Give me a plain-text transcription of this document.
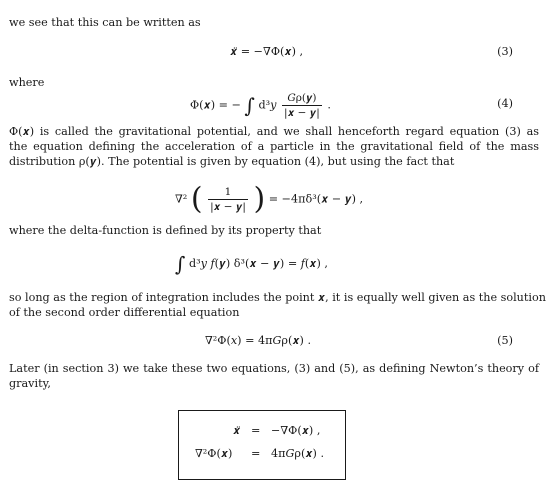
we see that this can be written as
𝒙̈ = −∇Φ(𝒙) ,	(3)
where
Φ(𝒙) = − ∫ d³𝑦 $\frac{\text{𝐺ρ(𝒚)}}{\text{|𝒙 − 𝒚|}}$ .	(4)
Φ(𝒙) is called the gravitational potential, and we shall henceforth regard equation (3) as
the equation defining the acceleration of a particle in the gravitational field of the mass
distribution ρ(𝒚). The potential is given by equation (4), but using the fact that
∇² ( $\frac{1}{\text{|𝒙 − 𝒚|}}$ ) = −4πδ³(𝒙 − 𝒚) ,
where the delta-function is defined by its property that
∫ d³𝑦 𝑓(𝒚) δ³(𝒙 − 𝒚) = 𝑓(𝒙) ,
so long as the region of integration includes the point 𝒙, it is equally well given as the solution
of the second order differential equation
∇²Φ(𝑥) = 4π𝐺ρ(𝒙) .	(5)
Later (in section 3) we take these two equations, (3) and (5), as defining Newton’s theory of
gravity,
𝒙̈ = −∇Φ(𝒙) ,
∇²Φ(𝒙) = 4π𝐺ρ(𝒙) .
